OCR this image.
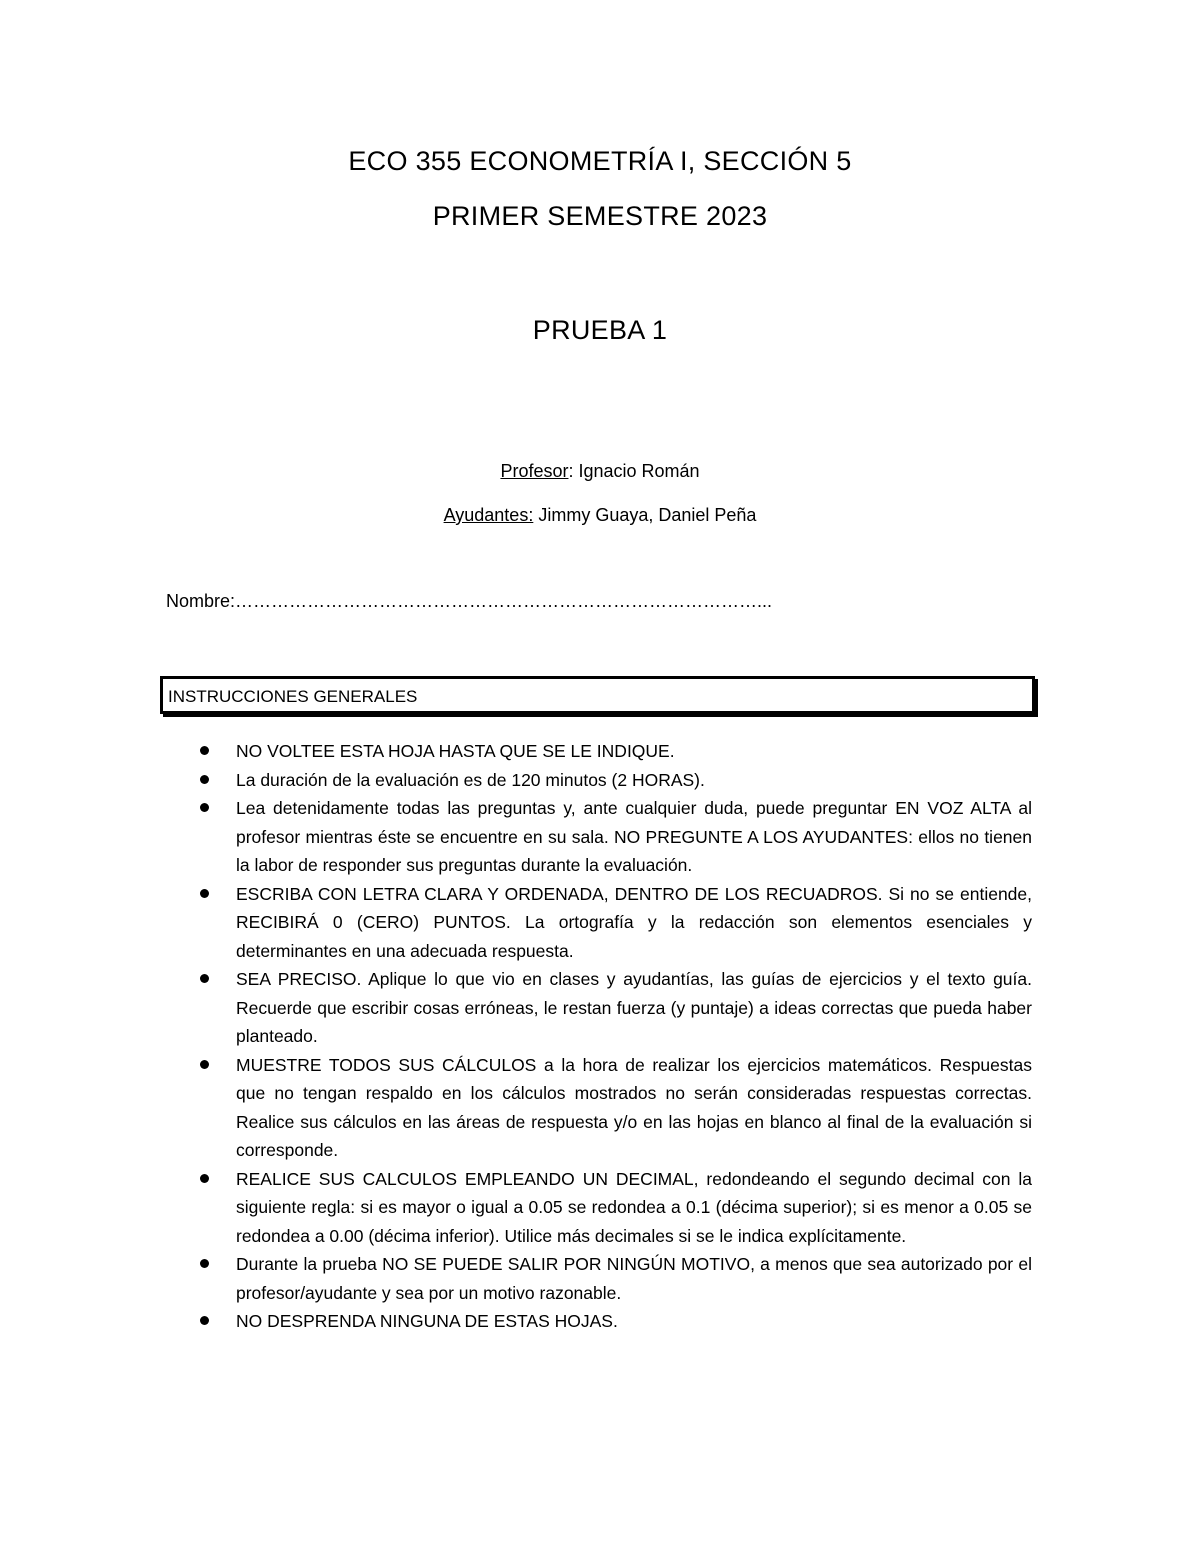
ECO 355 ECONOMETRÍA I, SECCIÓN 5
PRIMER SEMESTRE 2023
PRUEBA 1
Profesor: Ignacio Román
Ayudantes: Jimmy Guaya, Daniel Peña
Nombre:……………………………………………………………………………...
INSTRUCCIONES GENERALES
NO VOLTEE ESTA HOJA HASTA QUE SE LE INDIQUE.
La duración de la evaluación es de 120 minutos (2 HORAS).
Lea detenidamente todas las preguntas y, ante cualquier duda, puede preguntar EN VOZ ALTA al profesor mientras éste se encuentre en su sala. NO PREGUNTE A LOS AYUDANTES: ellos no tienen la labor de responder sus preguntas durante la evaluación.
ESCRIBA CON LETRA CLARA Y ORDENADA, DENTRO DE LOS RECUADROS. Si no se entiende, RECIBIRÁ 0 (CERO) PUNTOS. La ortografía y la redacción son elementos esenciales y determinantes en una adecuada respuesta.
SEA PRECISO. Aplique lo que vio en clases y ayudantías, las guías de ejercicios y el texto guía. Recuerde que escribir cosas erróneas, le restan fuerza (y puntaje) a ideas correctas que pueda haber planteado.
MUESTRE TODOS SUS CÁLCULOS a la hora de realizar los ejercicios matemáticos. Respuestas que no tengan respaldo en los cálculos mostrados no serán consideradas respuestas correctas. Realice sus cálculos en las áreas de respuesta y/o en las hojas en blanco al final de la evaluación si corresponde.
REALICE SUS CALCULOS EMPLEANDO UN DECIMAL, redondeando el segundo decimal con la siguiente regla: si es mayor o igual a 0.05 se redondea a 0.1 (décima superior); si es menor a 0.05 se redondea a 0.00 (décima inferior). Utilice más decimales si se le indica explícitamente.
Durante la prueba NO SE PUEDE SALIR POR NINGÚN MOTIVO, a menos que sea autorizado por el profesor/ayudante y sea por un motivo razonable.
NO DESPRENDA NINGUNA DE ESTAS HOJAS.
